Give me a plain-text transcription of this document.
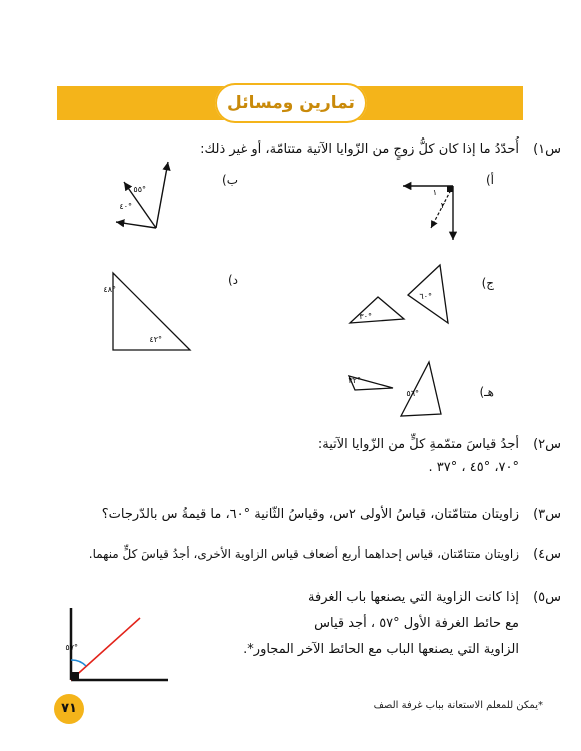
تمارين ومسائل
س١)
أُحدّدُ ما إذا كان كلُّ زوجٍ من الزّوايا الآتية متتامّة، أو غير ذلك:
أ)
ب)
ج)
د)
هـ)
١
٢
°٥٥
°٤٠
°٦٠
°٣٠
°٤٨
°٤٢
°٣٢
°٥٦
س٢)
أجدُ قياسَ متمّمةِ كلٍّ من الزّوايا الآتية:
°٧٠، °٤٥ ، °٣٧ .
س٣)
زاويتان متتامّتان، قياسُ الأولى ٢س، وقياسُ الثّانية °٦٠، ما قيمةُ س بالدّرجات؟
س٤)
زاويتان متتامّتان، قياس إحداهما أربع أضعاف قياس الزاوية الأخرى، أجدُ قياسَ كلٍّ منهما.
س٥)
إذا كانت الزاوية التي يصنعها باب الغرفة
مع حائط الغرفة الأول °٥٧ ، أجد قياس
الزاوية التي يصنعها الباب مع الحائط الآخر المجاور*.
°٥٧
٧١	*يمكن للمعلم الاستعانة بباب غرفة الصف
